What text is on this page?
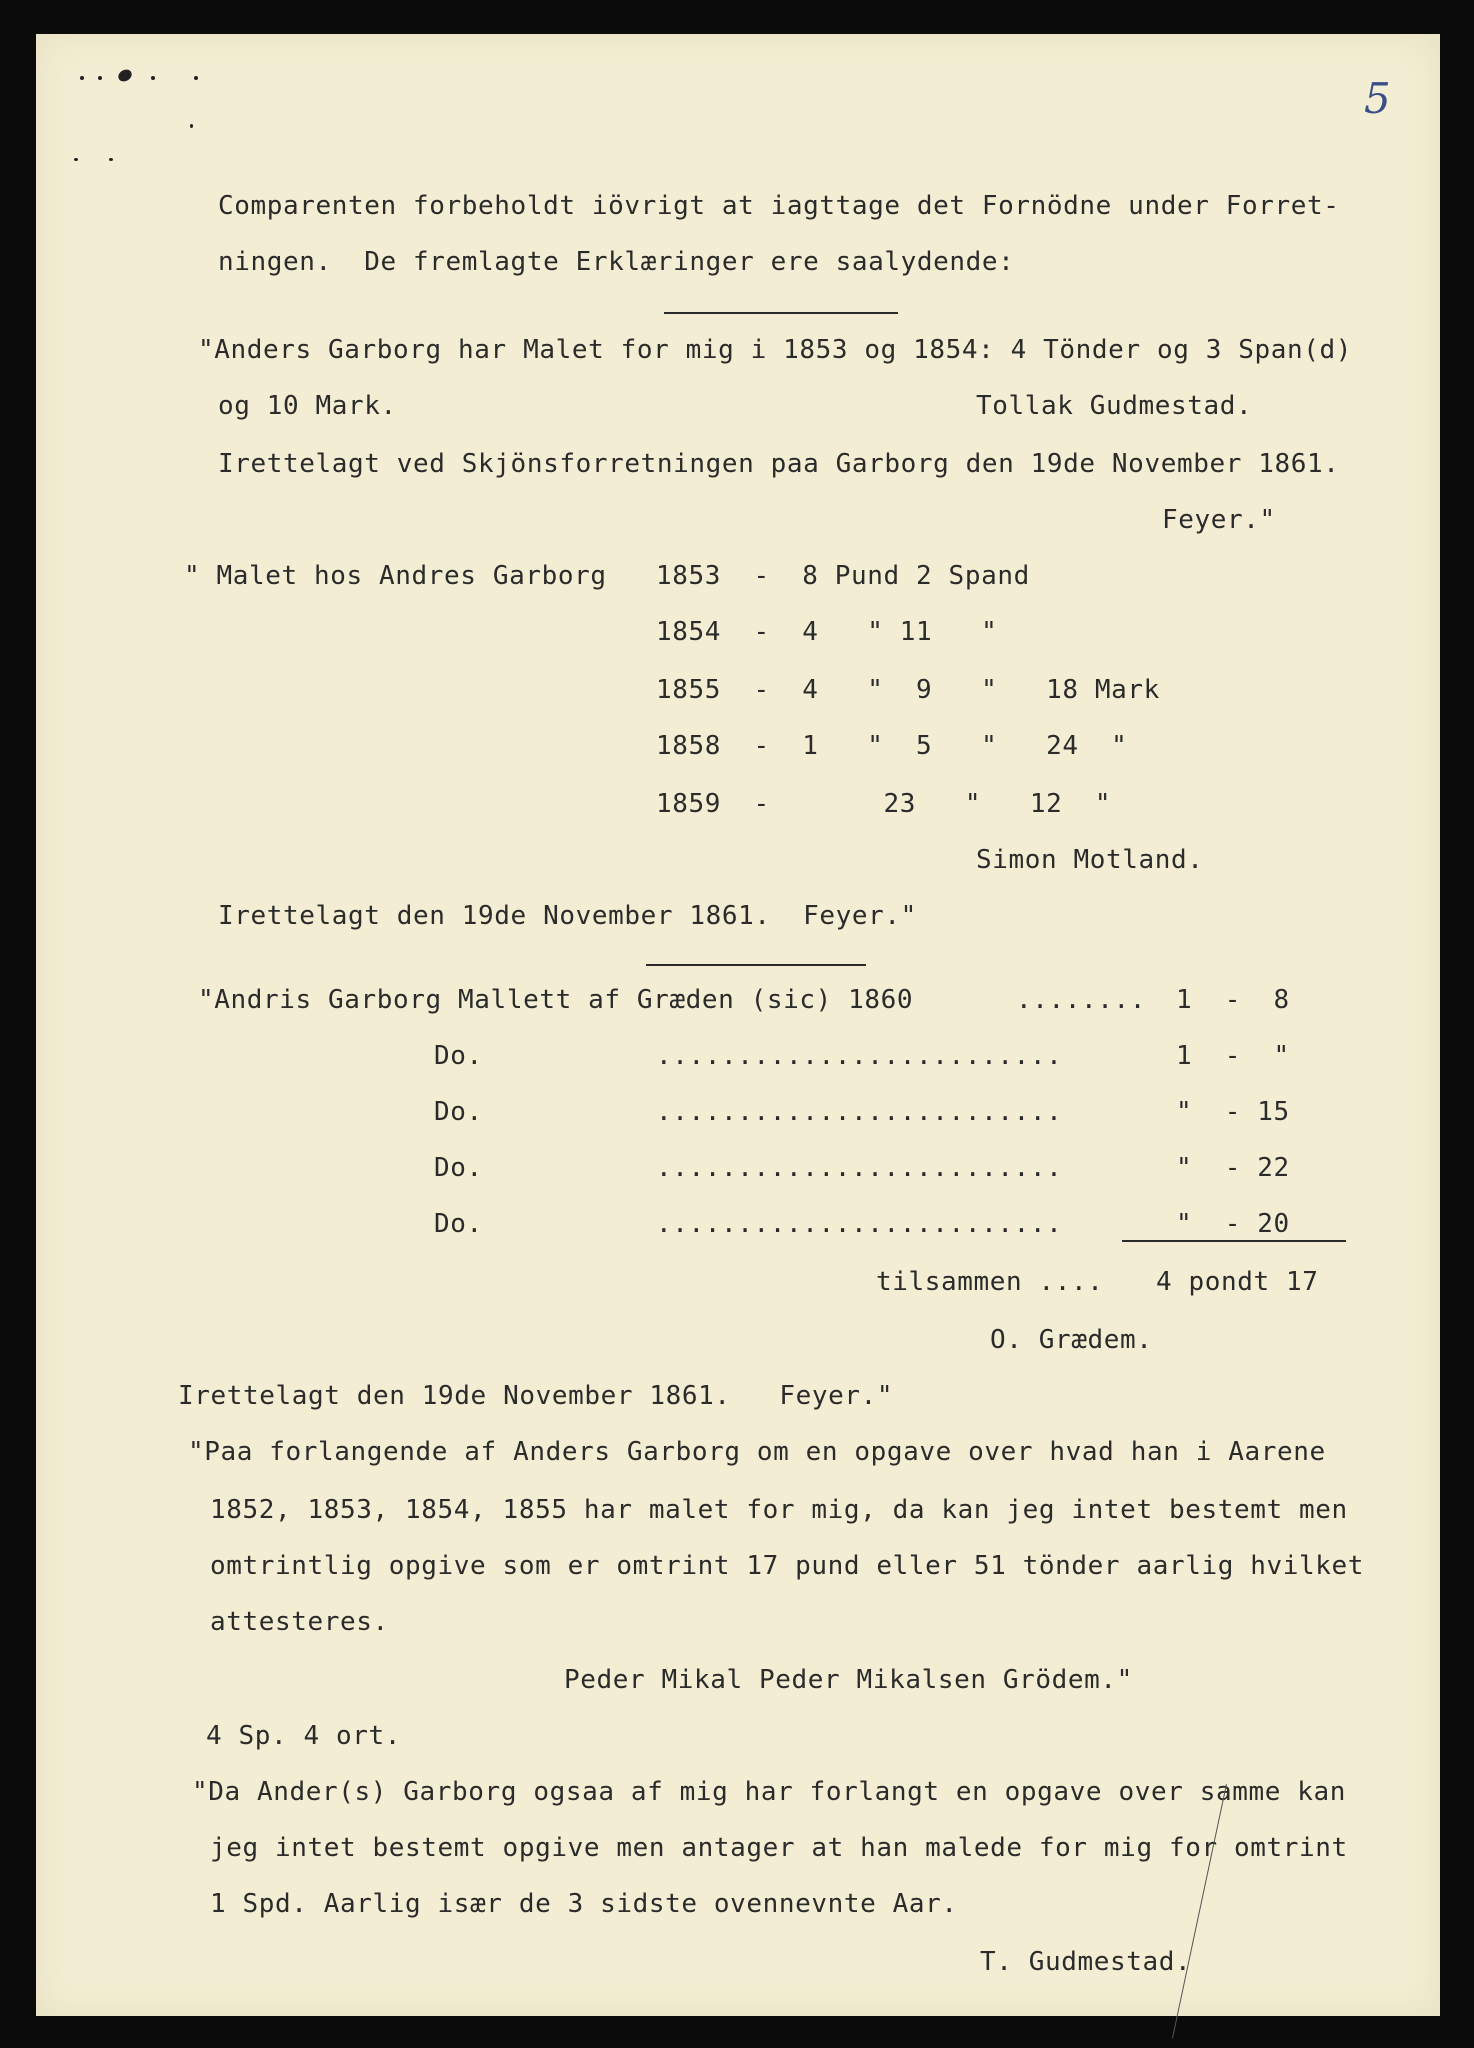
5
Comparenten forbeholdt iövrigt at iagttage det Fornödne under Forret-
ningen.  De fremlagte Erklæringer ere saalydende:
"Anders Garborg har Malet for mig i 1853 og 1854: 4 Tönder og 3 Span(d)
og 10 Mark.	Tollak Gudmestad.
Irettelagt ved Skjönsforretningen paa Garborg den 19de November 1861.
Feyer."
" Malet hos Andres Garborg 1853  -  8 Pund 2 Spand
1854  -  4   " 11   "
1855  -  4   "  9   "   18 Mark
1858  -  1   "  5   "   24  "
1859  -       23   "   12  "
Simon Motland.
Irettelagt den 19de November 1861.  Feyer."
"Andris Garborg Mallett af Græden (sic) 1860	........ 1  -  8
Do.	.........................	1  -  "
Do.	.........................	"  - 15
Do.	.........................	"  - 22
Do.	.........................	"  - 20
tilsammen .... 4 pondt 17
O. Grædem.
Irettelagt den 19de November 1861.   Feyer."
"Paa forlangende af Anders Garborg om en opgave over hvad han i Aarene
1852, 1853, 1854, 1855 har malet for mig, da kan jeg intet bestemt men
omtrintlig opgive som er omtrint 17 pund eller 51 tönder aarlig hvilket
attesteres.
Peder Mikal Peder Mikalsen Grödem."
4 Sp. 4 ort.
"Da Ander(s) Garborg ogsaa af mig har forlangt en opgave over samme kan
jeg intet bestemt opgive men antager at han malede for mig for omtrint
1 Spd. Aarlig især de 3 sidste ovennevnte Aar.
T. Gudmestad.
